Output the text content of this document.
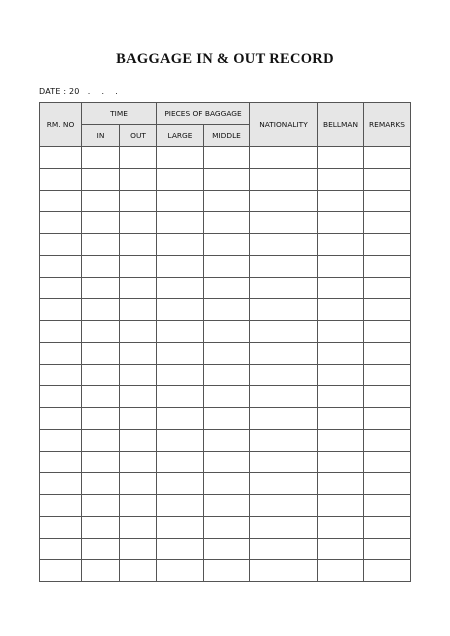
BAGGAGE IN & OUT RECORD
DATE : 20   .    .    .
RM. NO	TIME		PIECES OF BAGGAGE		NATIONALITY	BELLMAN	REMARKS
	IN	OUT	LARGE	MIDDLE			
